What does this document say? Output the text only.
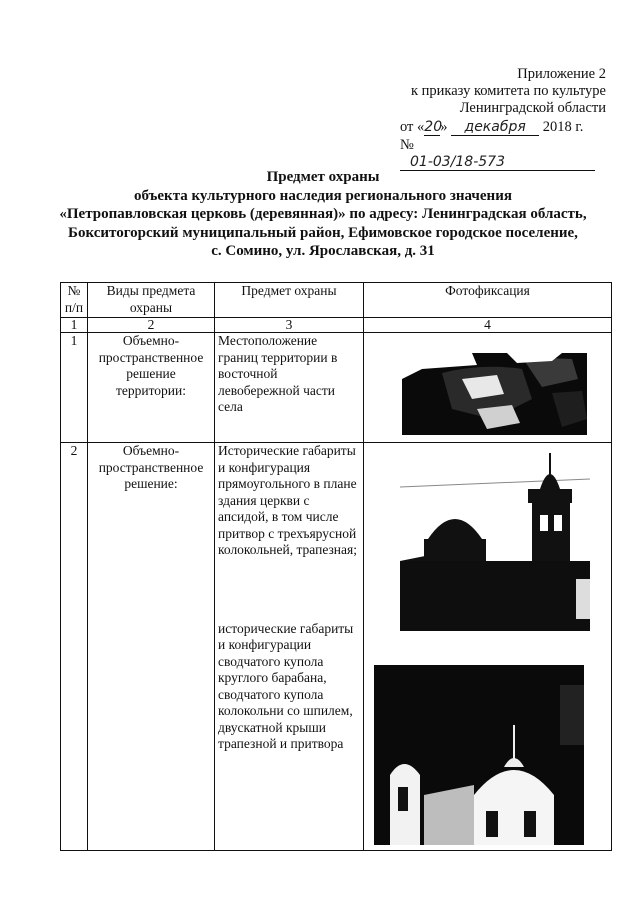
Приложение 2
к приказу комитета по культуре
Ленинградской области
от «20» декабря 2018 г.
№ 01-03/18-573
Предмет охраны
объекта культурного наследия регионального значения
«Петропавловская церковь (деревянная)» по адресу: Ленинградская область,
Бокситогорский муниципальный район, Ефимовское городское поселение,
с. Сомино, ул. Ярославская, д. 31
№ п/п	Виды предмета охраны	Предмет охраны	Фотофиксация
1	2	3	4
1	Объемно-пространственное решение территории:	Местоположение границ территории в восточной левобережной части села	

2	Объемно-пространственное решение:	Исторические габариты и конфигурация прямоугольного в плане здания церкви с апсидой, в том числе притвор с трехъярусной колокольней, трапезная;
исторические габариты и конфигурации сводчатого купола круглого барабана, сводчатого купола колокольни со шпилем, двускатной крыши трапезной и притвора
